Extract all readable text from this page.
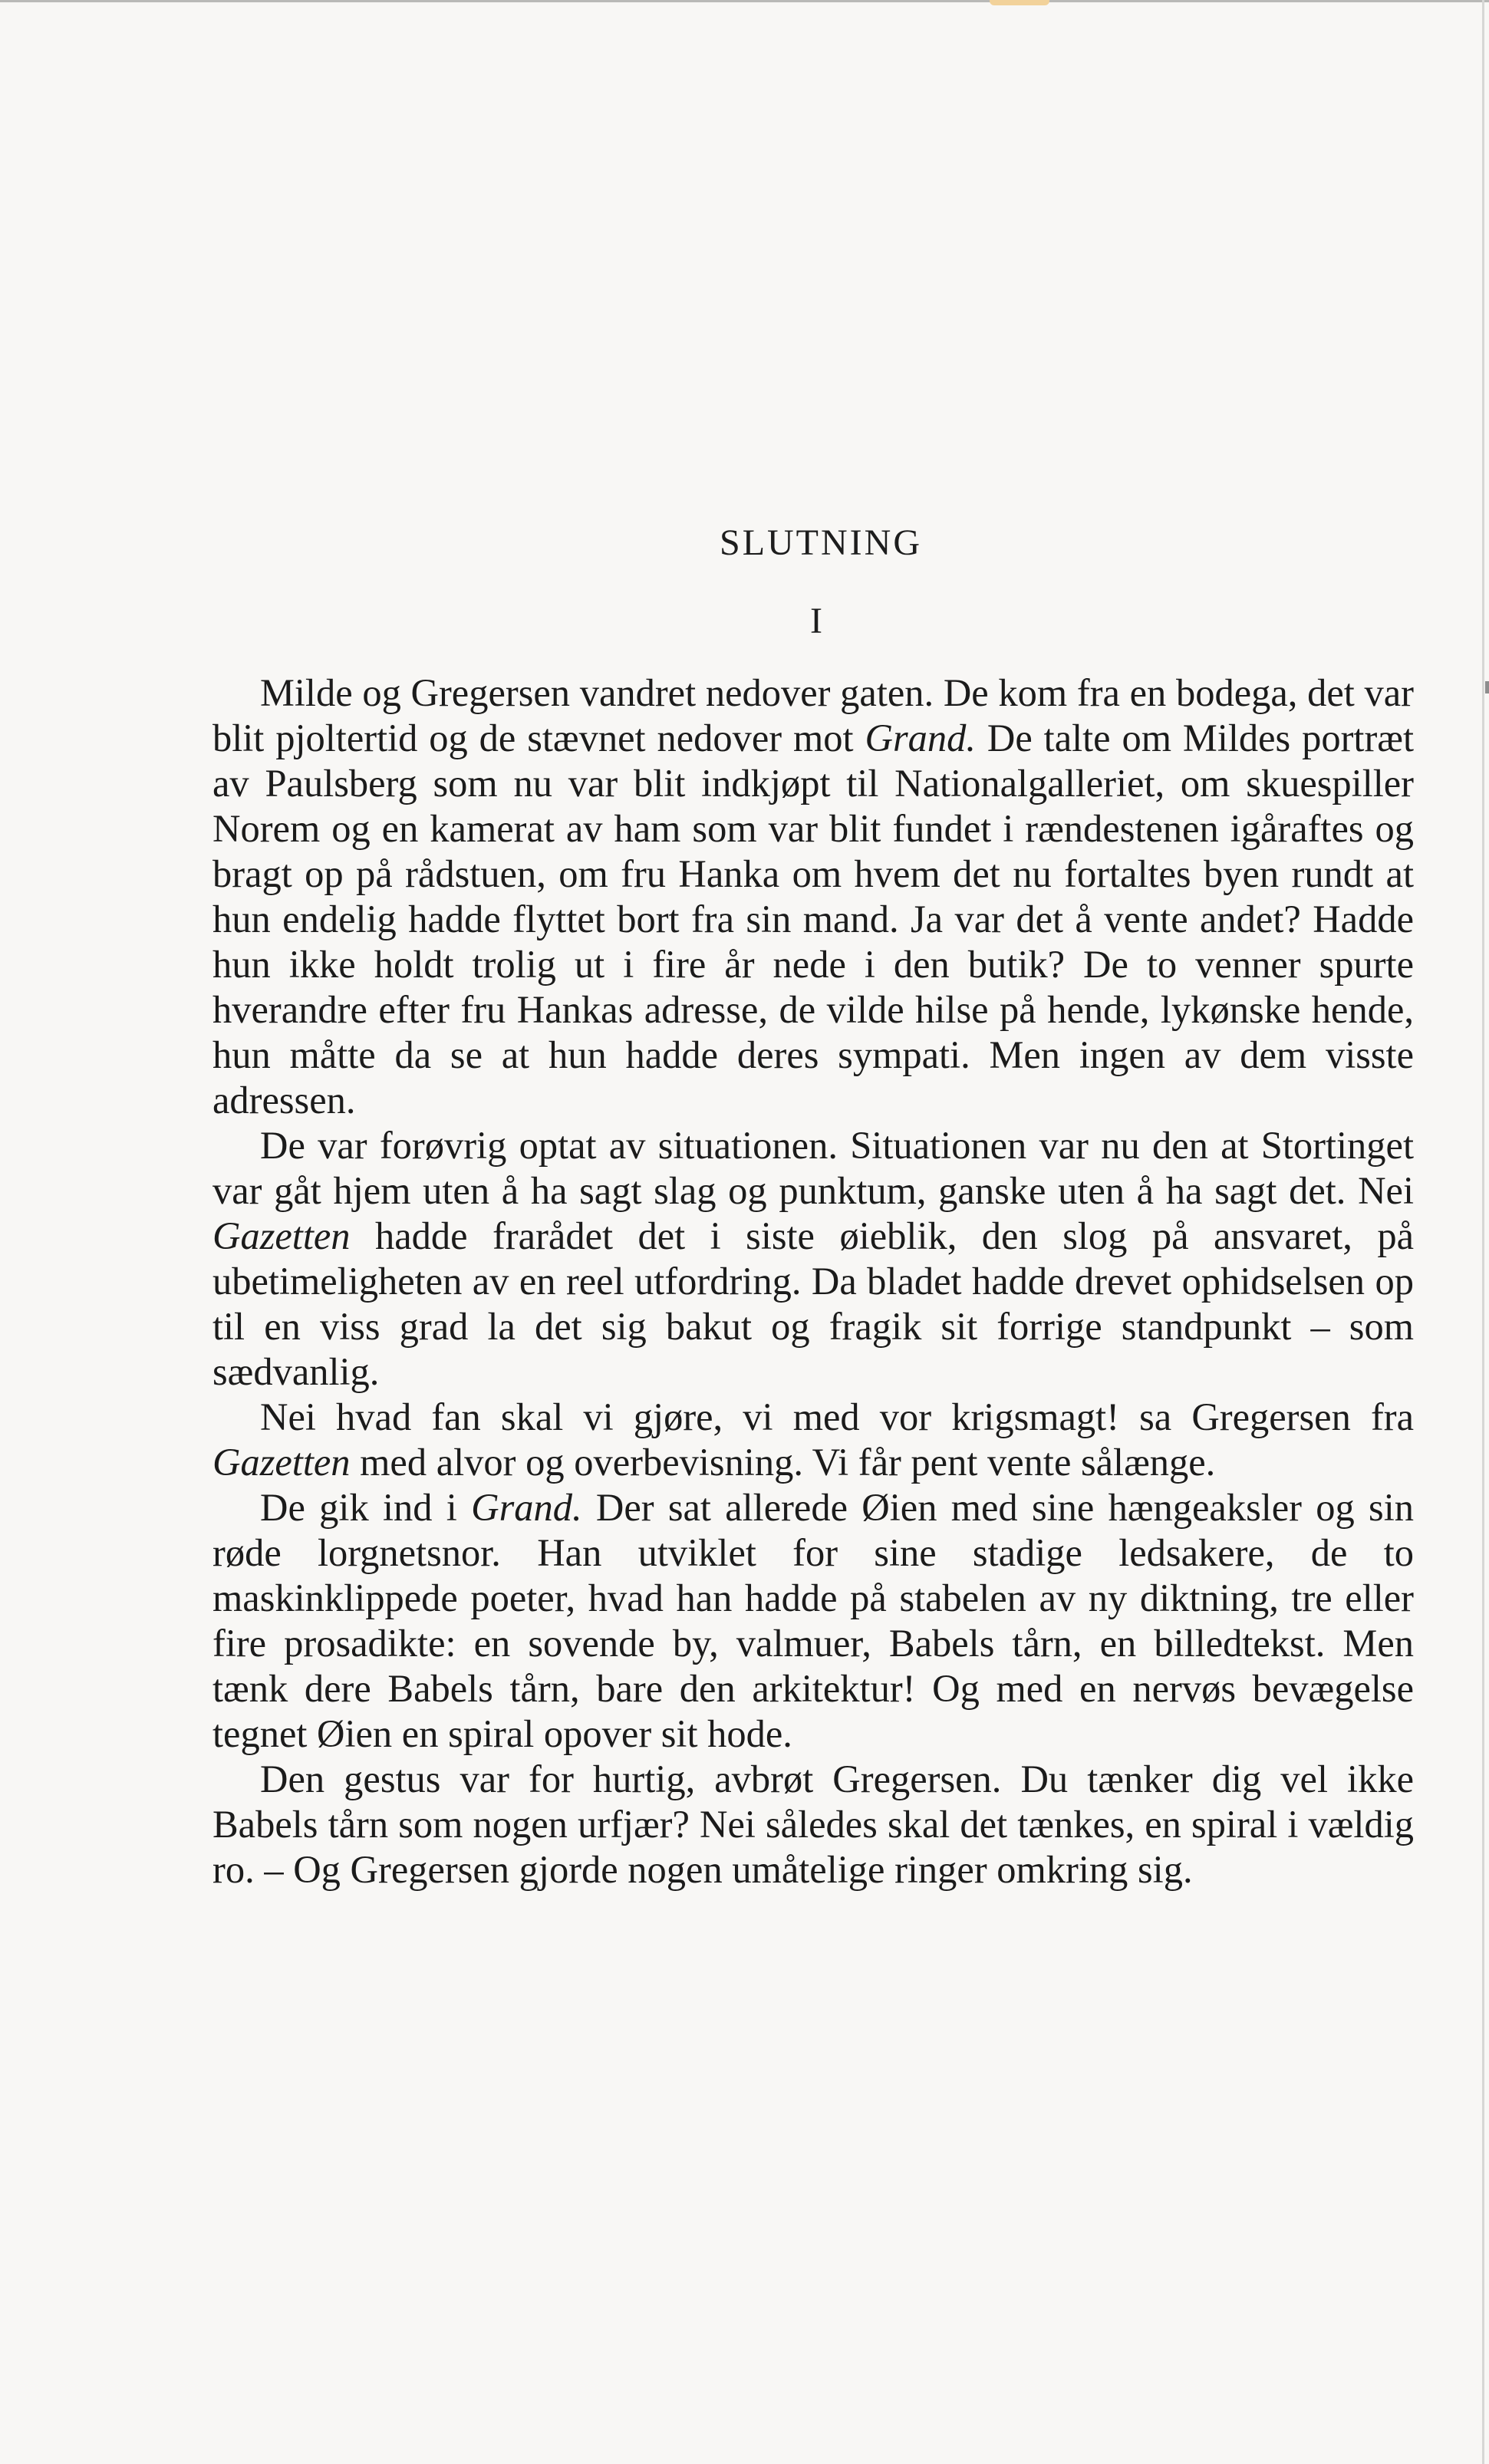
SLUTNING
I

Milde og Gregersen vandret nedover gaten. De kom fra en bodega, det var blit pjoltertid og de stævnet nedover mot Grand. De talte om Mildes portræt av Paulsberg som nu var blit indkjøpt til Nationalgalleriet, om skuespiller Norem og en kamerat av ham som var blit fundet i rændestenen igåraftes og bragt op på rådstuen, om fru Hanka om hvem det nu fortaltes byen rundt at hun endelig hadde flyttet bort fra sin mand. Ja var det å vente andet? Hadde hun ikke holdt trolig ut i fire år nede i den butik? De to venner spurte hverandre efter fru Hankas adresse, de vilde hilse på hende, lykønske hende, hun måtte da se at hun hadde deres sympati. Men ingen av dem visste adressen.

De var forøvrig optat av situationen. Situationen var nu den at Stortinget var gåt hjem uten å ha sagt slag og punktum, ganske uten å ha sagt det. Nei Gazetten hadde frarådet det i siste øieblik, den slog på ansvaret, på ubetimeligheten av en reel utfordring. Da bladet hadde drevet ophidselsen op til en viss grad la det sig bakut og fragik sit forrige standpunkt – som sædvanlig.

Nei hvad fan skal vi gjøre, vi med vor krigsmagt! sa Gregersen fra Gazetten med alvor og overbevisning. Vi får pent vente sålænge.

De gik ind i Grand. Der sat allerede Øien med sine hængeaksler og sin røde lorgnetsnor. Han utviklet for sine stadige ledsakere, de to maskinklippede poeter, hvad han hadde på stabelen av ny diktning, tre eller fire prosadikte: en sovende by, valmuer, Babels tårn, en billedtekst. Men tænk dere Babels tårn, bare den arkitektur! Og med en nervøs bevægelse tegnet Øien en spiral opover sit hode.

Den gestus var for hurtig, avbrøt Gregersen. Du tænker dig vel ikke Babels tårn som nogen urfjær? Nei således skal det tænkes, en spiral i vældig ro. – Og Gregersen gjorde nogen umåtelige ringer omkring sig.
